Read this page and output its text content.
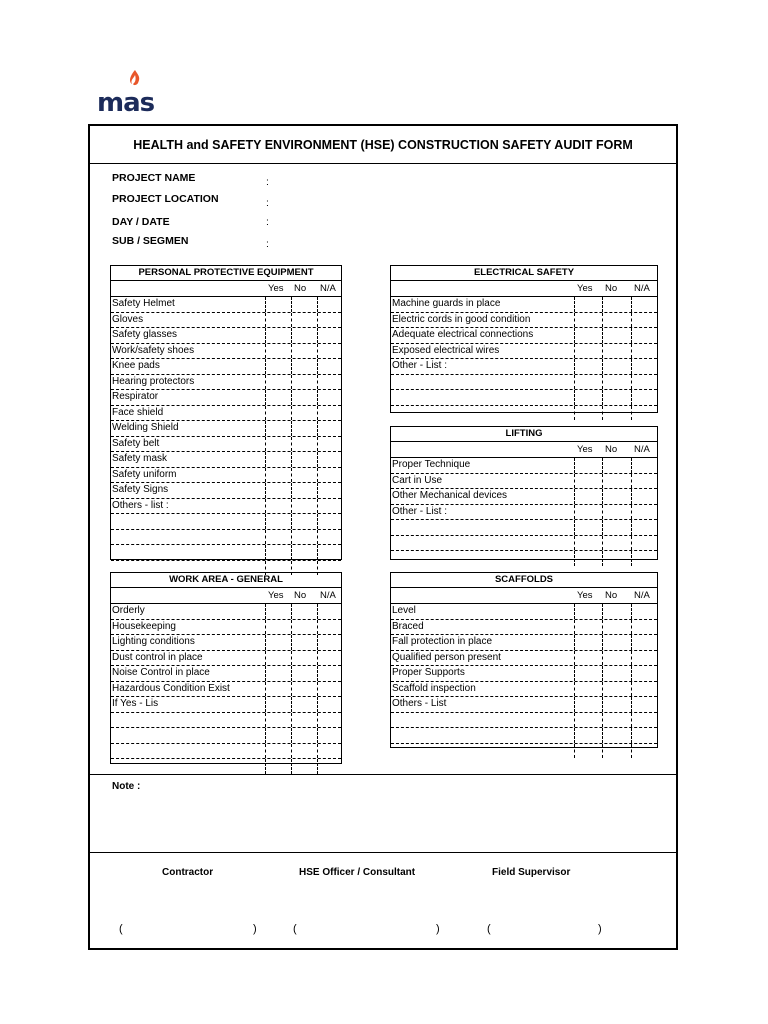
mas
HEALTH and SAFETY ENVIRONMENT (HSE) CONSTRUCTION SAFETY AUDIT FORM
PROJECT NAME	:
PROJECT LOCATION	:
DAY / DATE	:
SUB / SEGMEN	:
PERSONAL PROTECTIVE EQUIPMENT
Yes No N/A
Safety Helmet
Gloves
Safety glasses
Work/safety shoes
Knee pads
Hearing protectors
Respirator
Face shield
Welding Shield
Safety belt
Safety mask
Safety uniform
Safety Signs
Others - list :
ELECTRICAL SAFETY
Yes No N/A
Machine guards in place
Electric cords in good condition
Adequate electrical connections
Exposed electrical wires
Other - List :
LIFTING
Yes No N/A
Proper Technique
Cart in Use
Other Mechanical devices
Other - List :
WORK AREA - GENERAL
Yes No N/A
Orderly
Housekeeping
Lighting conditions
Dust control in place
Noise Control in place
Hazardous Condition Exist
If Yes - Lis
SCAFFOLDS
Yes No N/A
Level
Braced
Fall protection in place
Qualified person present
Proper Supports
Scaffold inspection
Others - List
Note :
Contractor	HSE Officer / Consultant	Field Supervisor
(	)	(	)	(	)
